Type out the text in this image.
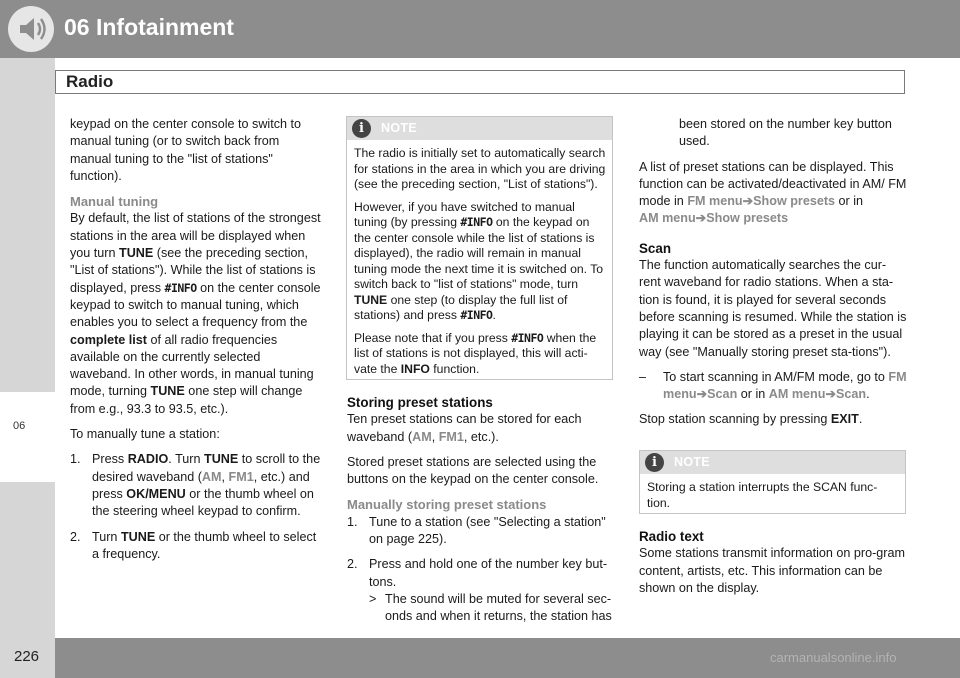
06 Infotainment
Radio
06
226	carmanualsonline.info

keypad on the center console to switch to manual tuning (or to switch back from manual tuning to the "list of stations" function).

Manual tuning

By default, the list of stations of the strongest stations in the area will be displayed when you turn TUNE (see the preceding section, "List of stations"). While the list of stations is displayed, press #INFO on the center console keypad to switch to manual tuning, which enables you to select a frequency from the complete list of all radio frequencies available on the currently selected waveband. In other words, in manual tuning mode, turning TUNE one step will change from e.g., 93.3 to 93.5, etc.).

To manually tune a station:

1. Press RADIO. Turn TUNE to scroll to the desired waveband (AM, FM1, etc.) and press OK/MENU or the thumb wheel on the steering wheel keypad to confirm.
2. Turn TUNE or the thumb wheel to select a frequency.
i	NOTE

The radio is initially set to automatically search for stations in the area in which you are driving (see the preceding section, "List of stations").

However, if you have switched to manual tuning (by pressing #INFO on the keypad on the center console while the list of stations is displayed), the radio will remain in manual tuning mode the next time it is switched on. To switch back to "list of stations" mode, turn TUNE one step (to display the full list of stations) and press #INFO.

Please note that if you press #INFO when the list of stations is not displayed, this will acti-vate the INFO function.

Storing preset stations

Ten preset stations can be stored for each waveband (AM, FM1, etc.).

Stored preset stations are selected using the buttons on the keypad on the center console.

Manually storing preset stations
1. Tune to a station (see "Selecting a station" on page 225).
2. Press and hold one of the number key but-tons.
> The sound will be muted for several sec-onds and when it returns, the station has

been stored on the number key button used.

A list of preset stations can be displayed. This function can be activated/deactivated in AM/ FM mode in FM menu➔Show presets or in
AM menu➔Show presets

Scan

The function automatically searches the cur-rent waveband for radio stations. When a sta-tion is found, it is played for several seconds before scanning is resumed. While the station is playing it can be stored as a preset in the usual way (see "Manually storing preset sta-tions").

– To start scanning in AM/FM mode, go to FM menu➔Scan or in AM menu➔Scan.

Stop station scanning by pressing EXIT.

i	NOTE

Storing a station interrupts the SCAN func-tion.

Radio text

Some stations transmit information on pro-gram content, artists, etc. This information can be shown on the display.
